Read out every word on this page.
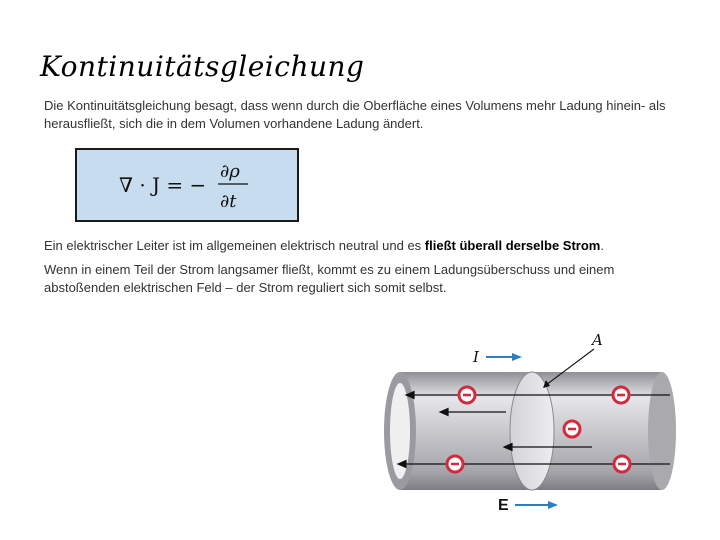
Kontinuitätsgleichung

Die Kontinuitätsgleichung besagt, dass wenn durch die Oberfläche eines Volumens mehr Ladung hinein- als herausfließt, sich die in dem Volumen vorhandene Ladung ändert.

∇ · J = −
∂ρ
∂t

Ein elektrischer Leiter ist im allgemeinen elektrisch neutral und es fließt überall derselbe Strom.

Wenn in einem Teil der Strom langsamer fließt, kommt es zu einem Ladungsüberschuss und einem abstoßenden elektrischen Feld – der Strom reguliert sich somit selbst.

A
I
E
